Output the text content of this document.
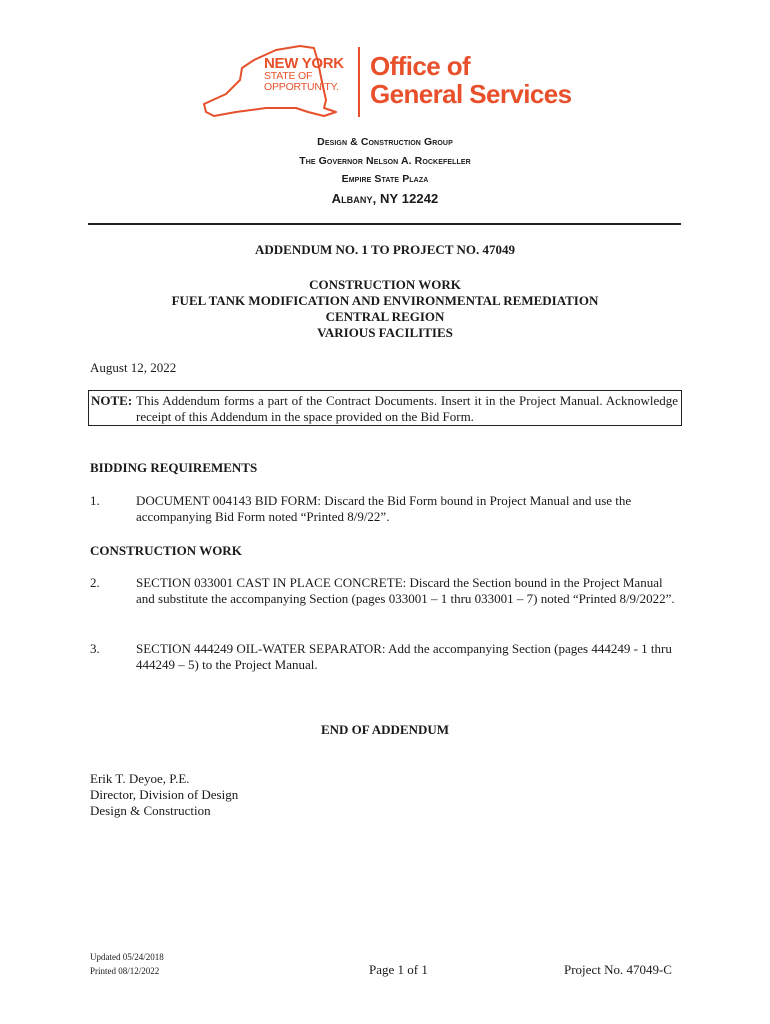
NEW YORK
STATE OF
OPPORTUNITY.
Office of
General Services
Design & Construction Group
The Governor Nelson A. Rockefeller
Empire State Plaza
Albany, NY 12242
ADDENDUM NO. 1 TO PROJECT NO. 47049
CONSTRUCTION WORK
FUEL TANK MODIFICATION AND ENVIRONMENTAL REMEDIATION
CENTRAL REGION
VARIOUS FACILITIES
August 12, 2022
NOTE: This Addendum forms a part of the Contract Documents. Insert it in the Project Manual. Acknowledge receipt of this Addendum in the space provided on the Bid Form.
BIDDING REQUIREMENTS
1.	DOCUMENT 004143 BID FORM: Discard the Bid Form bound in Project Manual and use the accompanying Bid Form noted “Printed 8/9/22”.
CONSTRUCTION WORK
2.	SECTION 033001 CAST IN PLACE CONCRETE: Discard the Section bound in the Project Manual and substitute the accompanying Section (pages 033001 – 1 thru 033001 – 7) noted “Printed 8/9/2022”.
3.	SECTION 444249 OIL-WATER SEPARATOR: Add the accompanying Section (pages 444249 - 1 thru 444249 – 5) to the Project Manual.
END OF ADDENDUM
Erik T. Deyoe, P.E.
Director, Division of Design
Design & Construction
Updated 05/24/2018
Printed 08/12/2022	Page 1 of 1	Project No. 47049-C
